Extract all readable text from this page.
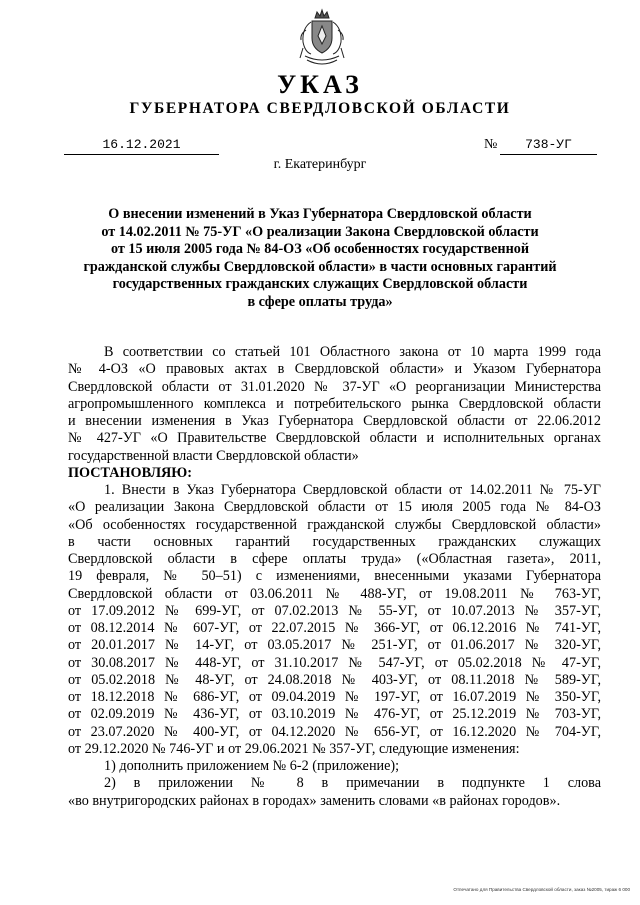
УКАЗ
ГУБЕРНАТОРА СВЕРДЛОВСКОЙ ОБЛАСТИ
16.12.2021	№	738-УГ
г. Екатеринбург
О внесении изменений в Указ Губернатора Свердловской области
от 14.02.2011 № 75-УГ «О реализации Закона Свердловской области
от 15 июля 2005 года № 84-ОЗ «Об особенностях государственной
гражданской службы Свердловской области» в части основных гарантий
государственных гражданских служащих Свердловской области
в сфере оплаты труда»
В соответствии со статьей 101 Областного закона от 10 марта 1999 года
№ 4-ОЗ «О правовых актах в Свердловской области» и Указом Губернатора
Свердловской области от 31.01.2020 № 37-УГ «О реорганизации Министерства
агропромышленного комплекса и потребительского рынка Свердловской области
и внесении изменения в Указ Губернатора Свердловской области от 22.06.2012
№ 427-УГ «О Правительстве Свердловской области и исполнительных органах
государственной власти Свердловской области»
ПОСТАНОВЛЯЮ:
1. Внести в Указ Губернатора Свердловской области от 14.02.2011 № 75-УГ
«О реализации Закона Свердловской области от 15 июля 2005 года № 84-ОЗ
«Об особенностях государственной гражданской службы Свердловской области»
в части основных гарантий государственных гражданских служащих
Свердловской области в сфере оплаты труда» («Областная газета», 2011,
19 февраля, № 50–51) с изменениями, внесенными указами Губернатора
Свердловской области от 03.06.2011 № 488-УГ, от 19.08.2011 № 763-УГ,
от 17.09.2012 № 699-УГ, от 07.02.2013 № 55-УГ, от 10.07.2013 № 357-УГ,
от 08.12.2014 № 607-УГ, от 22.07.2015 № 366-УГ, от 06.12.2016 № 741-УГ,
от 20.01.2017 № 14-УГ, от 03.05.2017 № 251-УГ, от 01.06.2017 № 320-УГ,
от 30.08.2017 № 448-УГ, от 31.10.2017 № 547-УГ, от 05.02.2018 № 47-УГ,
от 05.02.2018 № 48-УГ, от 24.08.2018 № 403-УГ, от 08.11.2018 № 589-УГ,
от 18.12.2018 № 686-УГ, от 09.04.2019 № 197-УГ, от 16.07.2019 № 350-УГ,
от 02.09.2019 № 436-УГ, от 03.10.2019 № 476-УГ, от 25.12.2019 № 703-УГ,
от 23.07.2020 № 400-УГ, от 04.12.2020 № 656-УГ, от 16.12.2020 № 704-УГ,
от 29.12.2020 № 746-УГ и от 29.06.2021 № 357-УГ, следующие изменения:
1) дополнить приложением № 6-2 (приложение);
2) в приложении № 8 в примечании в подпункте 1 слова
«во внутригородских районах в городах» заменить словами «в районах городов».
Отпечатано для Правительства Свердловской области, заказ №2005, тираж 6 000
